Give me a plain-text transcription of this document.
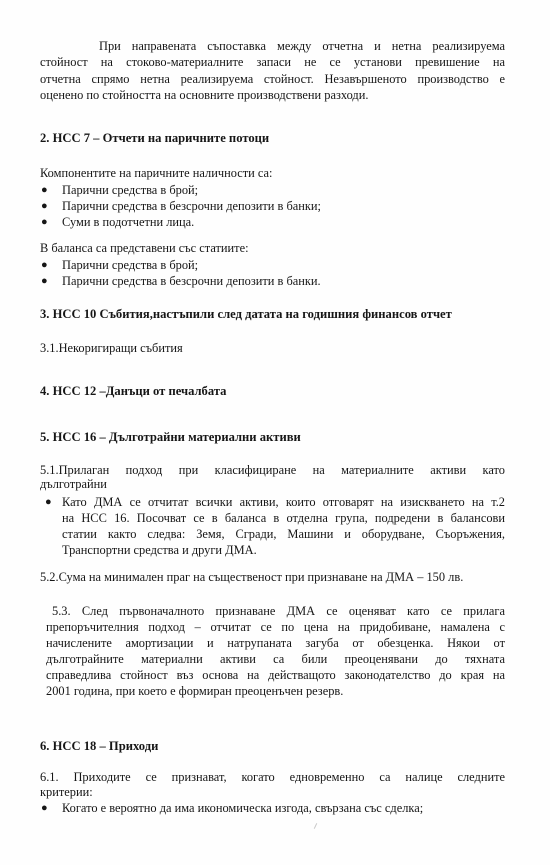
При направената съпоставка между отчетна и нетна реализируема
стойност на стоково-материалните запаси не се установи превишение на
отчетна спрямо нетна реализируема стойност. Незавършеното производство е
оценено по стойността на основните производствени разходи.
2. НСС 7 – Отчети на паричните потоци
Компонентите на паричните наличности са:
● Парични средства в брой;
● Парични средства в безсрочни депозити в банки;
● Суми в подотчетни лица.
В баланса са представени със статиите:
● Парични средства в брой;
● Парични средства в безсрочни депозити в банки.
3. НСС 10 Събития,настъпили след датата на годишния финансов отчет
3.1.Некоригиращи събития
4. НСС 12 –Данъци от печалбата
5. НСС 16 – Дълготрайни материални активи
5.1.Прилаган подход при класифициране на материалните активи като
дълготрайни
● Като ДМА се отчитат всички активи, които отговарят на изискването на т.2
на НСС 16. Посочват се в баланса в отделна група, подредени в балансови
статии както следва: Земя, Сгради, Машини и оборудване, Съоръжения,
Транспортни средства и други ДМА.
5.2.Сума на минимален праг на същественост при признаване на ДМА – 150 лв.
5.3. След първоначалното признаване ДМА се оценяват като се прилага
препоръчителния подход – отчитат се по цена на придобиване, намалена с
начислените амортизации и натрупаната загуба от обезценка. Някои от
дълготрайните материални активи са били преоценявани до тяхната
справедлива стойност въз основа на действащото законодателство до края на
2001 година, при което е формиран преоценъчен резерв.
6. НСС 18 – Приходи
6.1. Приходите се признават, когато едновременно са налице следните
критерии:
● Когато е вероятно да има икономическа изгода, свързана със сделка;
